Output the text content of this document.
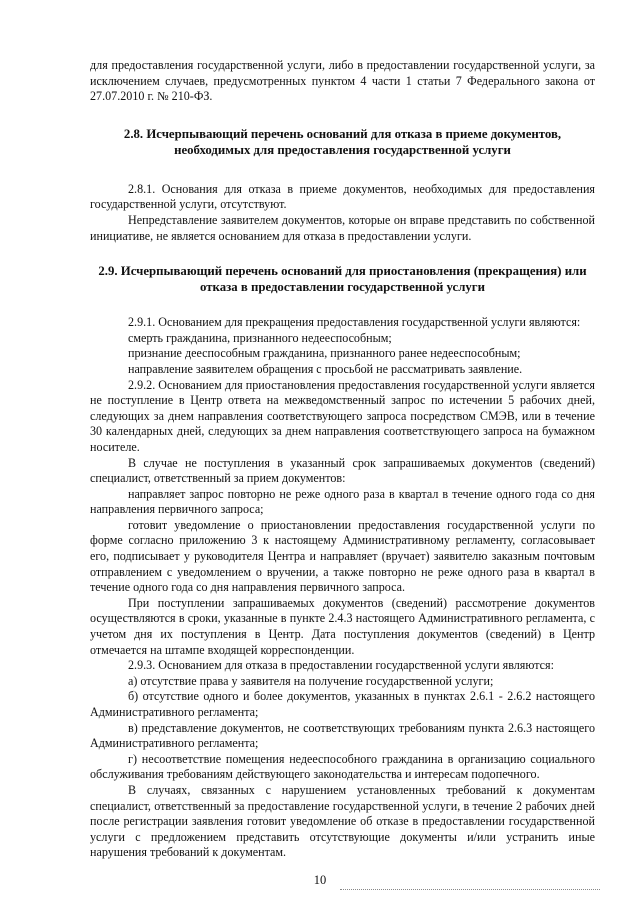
для предоставления государственной услуги, либо в предоставлении государственной услуги, за исключением случаев, предусмотренных пунктом 4 части 1 статьи 7 Федерального закона от 27.07.2010 г. № 210-ФЗ.

2.8. Исчерпывающий перечень оснований для отказа в приеме документов, необходимых для предоставления государственной услуги

2.8.1. Основания для отказа в приеме документов, необходимых для предоставления государственной услуги, отсутствуют.

Непредставление заявителем документов, которые он вправе представить по собственной инициативе, не является основанием для отказа в предоставлении услуги.

2.9. Исчерпывающий перечень оснований для приостановления (прекращения) или отказа в предоставлении государственной услуги

2.9.1. Основанием для прекращения предоставления государственной услуги являются:

смерть гражданина, признанного недееспособным;

признание дееспособным гражданина, признанного ранее недееспособным;

направление заявителем обращения с просьбой не рассматривать заявление.

2.9.2. Основанием для приостановления предоставления государственной услуги является не поступление в Центр ответа на межведомственный запрос по истечении 5 рабочих дней, следующих за днем направления соответствующего запроса посредством СМЭВ, или в течение 30 календарных дней, следующих за днем направления соответствующего запроса на бумажном носителе.

В случае не поступления в указанный срок запрашиваемых документов (сведений) специалист, ответственный за прием документов:

направляет запрос повторно не реже одного раза в квартал в течение одного года со дня направления первичного запроса;

готовит уведомление о приостановлении предоставления государственной услуги по форме согласно приложению 3 к настоящему Административному регламенту, согласовывает его, подписывает у руководителя Центра и направляет (вручает) заявителю заказным почтовым отправлением с уведомлением о вручении, а также повторно не реже одного раза в квартал в течение одного года со дня направления первичного запроса.

При поступлении запрашиваемых документов (сведений) рассмотрение документов осуществляются в сроки, указанные в пункте 2.4.3 настоящего Административного регламента, с учетом дня их поступления в Центр. Дата поступления документов (сведений) в Центр отмечается на штампе входящей корреспонденции.

2.9.3. Основанием для отказа в предоставлении государственной услуги являются:

а) отсутствие права у заявителя на получение государственной услуги;

б) отсутствие одного и более документов, указанных в пунктах 2.6.1 - 2.6.2 настоящего Административного регламента;

в) представление документов, не соответствующих требованиям пункта 2.6.3 настоящего Административного регламента;

г) несоответствие помещения недееспособного гражданина в организацию социального обслуживания требованиям действующего законодательства и интересам подопечного.

В случаях, связанных с нарушением установленных требований к документам специалист, ответственный за предоставление государственной услуги, в течение 2 рабочих дней после регистрации заявления готовит уведомление об отказе в предоставлении государственной услуги с предложением представить отсутствующие документы и/или устранить иные нарушения требований к документам.

10
